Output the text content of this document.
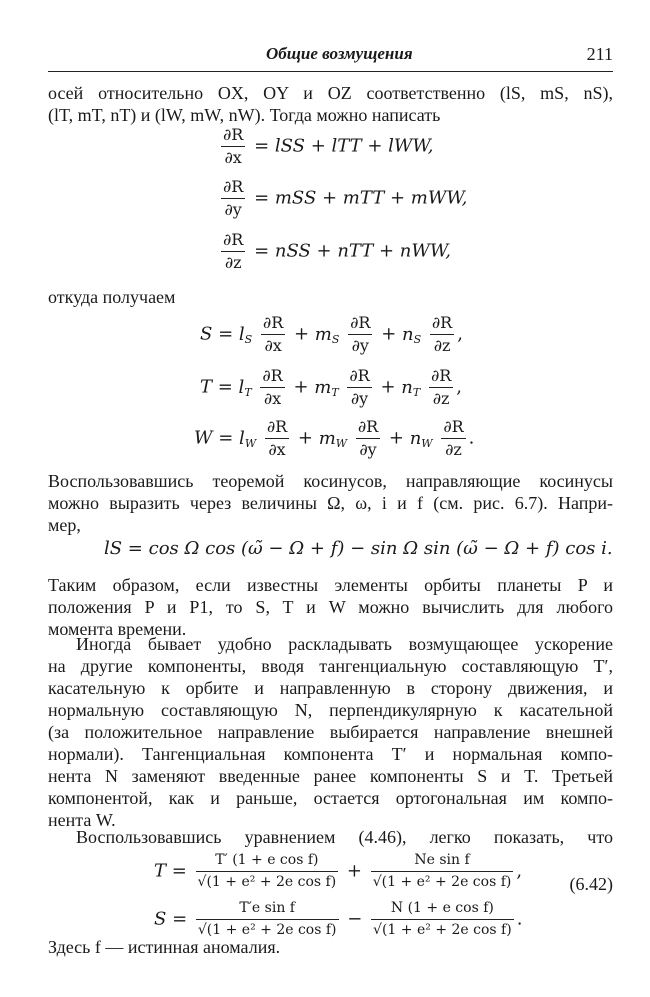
Общие возмущения	211
осей относительно OX, OY и OZ соответственно (lS, mS, nS),
(lT, mT, nT) и (lW, mW, nW). Тогда можно написать
$\frac{\partial R}{\partial x}$ = lSS + lTT + lWW,
$\frac{\partial R}{\partial y}$ = mSS + mTT + mWW,
$\frac{\partial R}{\partial z}$ = nSS + nTT + nWW,
откуда получаем
$S = l_S \frac{\partial R}{\partial x} + m_S \frac{\partial R}{\partial y} + n_S \frac{\partial R}{\partial z}$ ,
$T = l_T \frac{\partial R}{\partial x} + m_T \frac{\partial R}{\partial y} + n_T \frac{\partial R}{\partial z}$ ,
$W = l_W \frac{\partial R}{\partial x} + m_W \frac{\partial R}{\partial y} + n_W \frac{\partial R}{\partial z}$ .
Воспользовавшись теоремой косинусов, направляющие косинусы
можно выразить через величины Ω, ω, i и f (см. рис. 6.7). Напри-
мер,
lS = cos Ω cos (ω̃ − Ω + f) − sin Ω sin (ω̃ − Ω + f) cos i.
Таким образом, если известны элементы орбиты планеты P и
положения P и P1, то S, T и W можно вычислить для любого
момента времени.
Иногда бывает удобно раскладывать возмущающее ускорение
на другие компоненты, вводя тангенциальную составляющую T′,
касательную к орбите и направленную в сторону движения, и
нормальную составляющую N, перпендикулярную к касательной
(за положительное направление выбирается направление внешней
нормали). Тангенциальная компонента T′ и нормальная компо-
нента N заменяют введенные ранее компоненты S и T. Третьей
компонентой, как и раньше, остается ортогональная им компо-
нента W.
Воспользовавшись уравнением (4.46), легко показать, что
$T = \frac{\text{T′ (1 + e cos f)}}{\text{√(1 + e² + 2e cos f)}} + \frac{\text{Ne sin f}}{\text{√(1 + e² + 2e cos f)}}$ ,
$S = \frac{\text{T′e sin f}}{\text{√(1 + e² + 2e cos f)}} - \frac{\text{N (1 + e cos f)}}{\text{√(1 + e² + 2e cos f)}}$ .
(6.42)
Здесь f — истинная аномалия.
